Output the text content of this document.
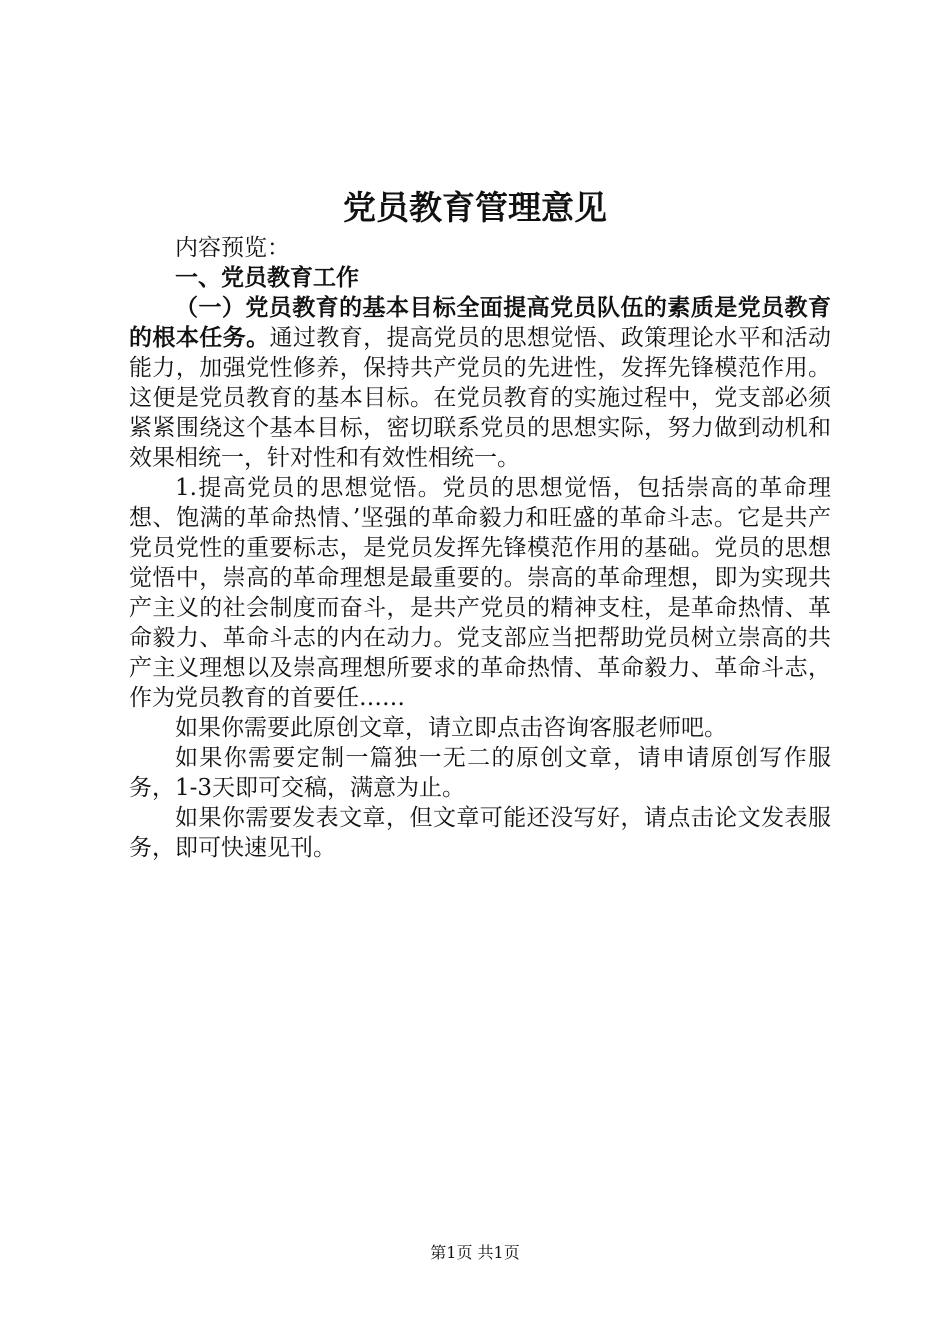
党员教育管理意见

内容预览：

一、党员教育工作

（一）党员教育的基本目标全面提高党员队伍的素质是党员教育的根本任务。通过教育，提高党员的思想觉悟、政策理论水平和活动能力，加强党性修养，保持共产党员的先进性，发挥先锋模范作用。这便是党员教育的基本目标。在党员教育的实施过程中，党支部必须紧紧围绕这个基本目标，密切联系党员的思想实际，努力做到动机和效果相统一，针对性和有效性相统一。

1.提高党员的思想觉悟。党员的思想觉悟，包括崇高的革命理想、饱满的革命热情、’坚强的革命毅力和旺盛的革命斗志。它是共产党员党性的重要标志，是党员发挥先锋模范作用的基础。党员的思想觉悟中，崇高的革命理想是最重要的。崇高的革命理想，即为实现共产主义的社会制度而奋斗，是共产党员的精神支柱，是革命热情、革命毅力、革命斗志的内在动力。党支部应当把帮助党员树立崇高的共产主义理想以及崇高理想所要求的革命热情、革命毅力、革命斗志，作为党员教育的首要任……

如果你需要此原创文章，请立即点击咨询客服老师吧。

如果你需要定制一篇独一无二的原创文章，请申请原创写作服务，1-3天即可交稿，满意为止。

如果你需要发表文章，但文章可能还没写好，请点击论文发表服务，即可快速见刊。

第1页 共1页
